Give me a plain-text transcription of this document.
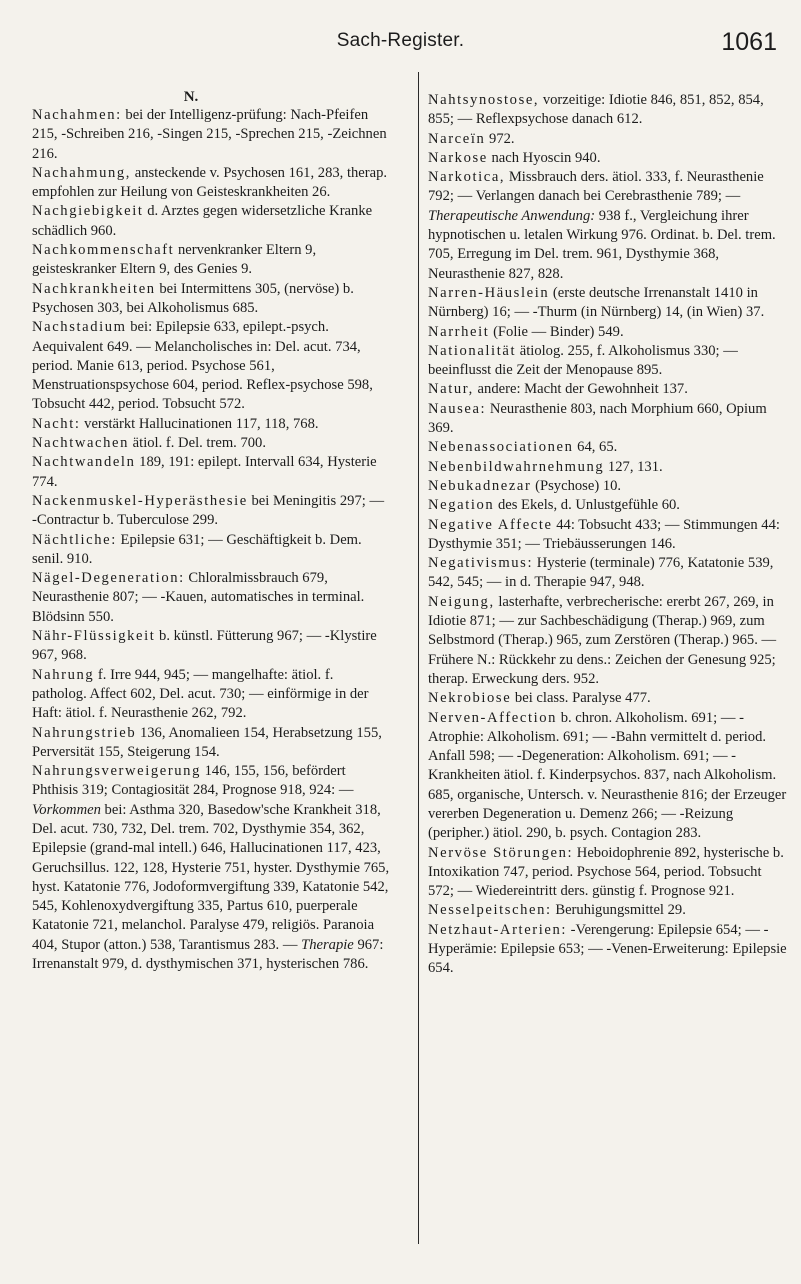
Sach-Register.	1061
N.

Nachahmen: bei der Intelligenz-prüfung: Nach-Pfeifen 215, -Schreiben 216, -Singen 215, -Sprechen 215, -Zeichnen 216.

Nachahmung, ansteckende v. Psychosen 161, 283, therap. empfohlen zur Heilung von Geisteskrankheiten 26.

Nachgiebigkeit d. Arztes gegen widersetzliche Kranke schädlich 960.

Nachkommenschaft nervenkranker Eltern 9, geisteskranker Eltern 9, des Genies 9.

Nachkrankheiten bei Intermittens 305, (nervöse) b. Psychosen 303, bei Alkoholismus 685.

Nachstadium bei: Epilepsie 633, epilept.-psych. Aequivalent 649. — Melancholisches in: Del. acut. 734, period. Manie 613, period. Psychose 561, Menstruationspsychose 604, period. Reflex-psychose 598, Tobsucht 442, period. Tobsucht 572.

Nacht: verstärkt Hallucinationen 117, 118, 768.

Nachtwachen ätiol. f. Del. trem. 700.

Nachtwandeln 189, 191: epilept. Intervall 634, Hysterie 774.

Nackenmuskel-Hyperästhesie bei Meningitis 297; — -Contractur b. Tuberculose 299.

Nächtliche: Epilepsie 631; — Geschäftigkeit b. Dem. senil. 910.

Nägel-Degeneration: Chloralmissbrauch 679, Neurasthenie 807; — -Kauen, automatisches in terminal. Blödsinn 550.

Nähr-Flüssigkeit b. künstl. Fütterung 967; — -Klystire 967, 968.

Nahrung f. Irre 944, 945; — mangelhafte: ätiol. f. patholog. Affect 602, Del. acut. 730; — einförmige in der Haft: ätiol. f. Neurasthenie 262, 792.

Nahrungstrieb 136, Anomalieen 154, Herabsetzung 155, Perversität 155, Steigerung 154.

Nahrungsverweigerung 146, 155, 156, befördert Phthisis 319; Contagiosität 284, Prognose 918, 924: — Vorkommen bei: Asthma 320, Basedow'sche Krankheit 318, Del. acut. 730, 732, Del. trem. 702, Dysthymie 354, 362, Epilepsie (grand-mal intell.) 646, Hallucinationen 117, 423, Geruchsillus. 122, 128, Hysterie 751, hyster. Dysthymie 765, hyst. Katatonie 776, Jodoformvergiftung 339, Katatonie 542, 545, Kohlenoxydvergiftung 335, Partus 610, puerperale Katatonie 721, melanchol. Paralyse 479, religiös. Paranoia 404, Stupor (atton.) 538, Tarantismus 283. — Therapie 967: Irrenanstalt 979, d. dysthymischen 371, hysterischen 786.

Nahtsynostose, vorzeitige: Idiotie 846, 851, 852, 854, 855; — Reflexpsychose danach 612.

Narceïn 972.

Narkose nach Hyoscin 940.

Narkotica, Missbrauch ders. ätiol. 333, f. Neurasthenie 792; — Verlangen danach bei Cerebrasthenie 789; — Therapeutische Anwendung: 938 f., Vergleichung ihrer hypnotischen u. letalen Wirkung 976. Ordinat. b. Del. trem. 705, Erregung im Del. trem. 961, Dysthymie 368, Neurasthenie 827, 828.

Narren-Häuslein (erste deutsche Irrenanstalt 1410 in Nürnberg) 16; — -Thurm (in Nürnberg) 14, (in Wien) 37.

Narrheit (Folie — Binder) 549.

Nationalität ätiolog. 255, f. Alkoholismus 330; — beeinflusst die Zeit der Menopause 895.

Natur, andere: Macht der Gewohnheit 137.

Nausea: Neurasthenie 803, nach Morphium 660, Opium 369.

Nebenassociationen 64, 65.

Nebenbildwahrnehmung 127, 131.

Nebukadnezar (Psychose) 10.

Negation des Ekels, d. Unlustgefühle 60.

Negative Affecte 44: Tobsucht 433; — Stimmungen 44: Dysthymie 351; — Triebäusserungen 146.

Negativismus: Hysterie (terminale) 776, Katatonie 539, 542, 545; — in d. Therapie 947, 948.

Neigung, lasterhafte, verbrecherische: ererbt 267, 269, in Idiotie 871; — zur Sachbeschädigung (Therap.) 969, zum Selbstmord (Therap.) 965, zum Zerstören (Therap.) 965. — Frühere N.: Rückkehr zu dens.: Zeichen der Genesung 925; therap. Erweckung ders. 952.

Nekrobiose bei class. Paralyse 477.

Nerven-Affection b. chron. Alkoholism. 691; — -Atrophie: Alkoholism. 691; — -Bahn vermittelt d. period. Anfall 598; — -Degeneration: Alkoholism. 691; — -Krankheiten ätiol. f. Kinderpsychos. 837, nach Alkoholism. 685, organische, Untersch. v. Neurasthenie 816; der Erzeuger vererben Degeneration u. Demenz 266; — -Reizung (peripher.) ätiol. 290, b. psych. Contagion 283.

Nervöse Störungen: Heboidophrenie 892, hysterische b. Intoxikation 747, period. Psychose 564, period. Tobsucht 572; — Wiedereintritt ders. günstig f. Prognose 921.

Nesselpeitschen: Beruhigungsmittel 29.

Netzhaut-Arterien: -Verengerung: Epilepsie 654; — -Hyperämie: Epilepsie 653; — -Venen-Erweiterung: Epilepsie 654.
